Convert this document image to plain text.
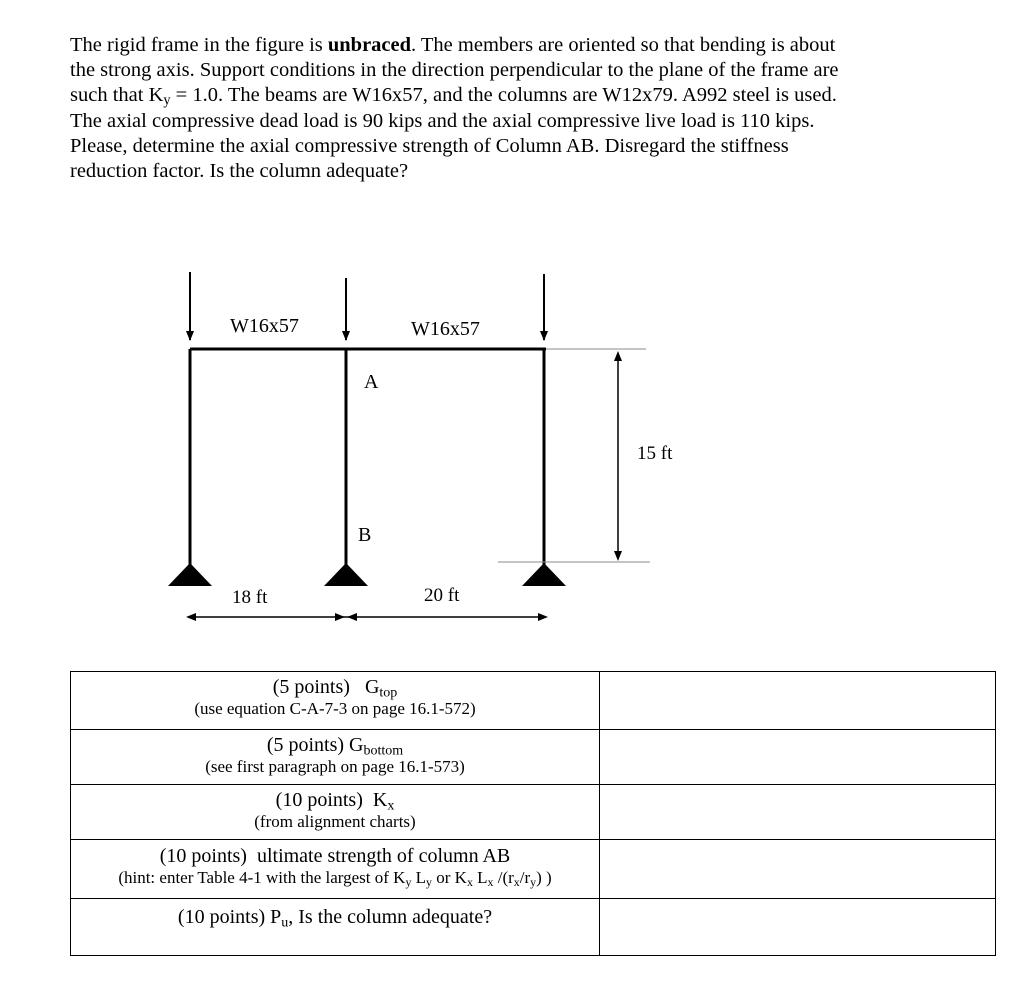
The rigid frame in the figure is unbraced. The members are oriented so that bending is about
the strong axis. Support conditions in the direction perpendicular to the plane of the frame are
such that $K_y = 1.0$. The beams are W16x57, and the columns are W12x79. A992 steel is used.
The axial compressive dead load is 90 kips and the axial compressive live load is 110 kips.
Please, determine the axial compressive strength of Column AB. Disregard the stiffness
reduction factor. Is the column adequate?
W16x57	W16x57
A
B
15 ft
18 ft	20 ft
(5 points) $G_{top}$
(use equation C-A-7-3 on page 16.1-572)	

(5 points) $G_{bottom}$
(see first paragraph on page 16.1-573)	

(10 points) $K_x$
(from alignment charts)	

(10 points) ultimate strength of column AB
(hint: enter Table 4-1 with the largest of $K_y$ $L_y$ or $K_x$ $L_x$ $/(r_x/r_y)$ )	

(10 points) $P_u$, Is the column adequate?	
